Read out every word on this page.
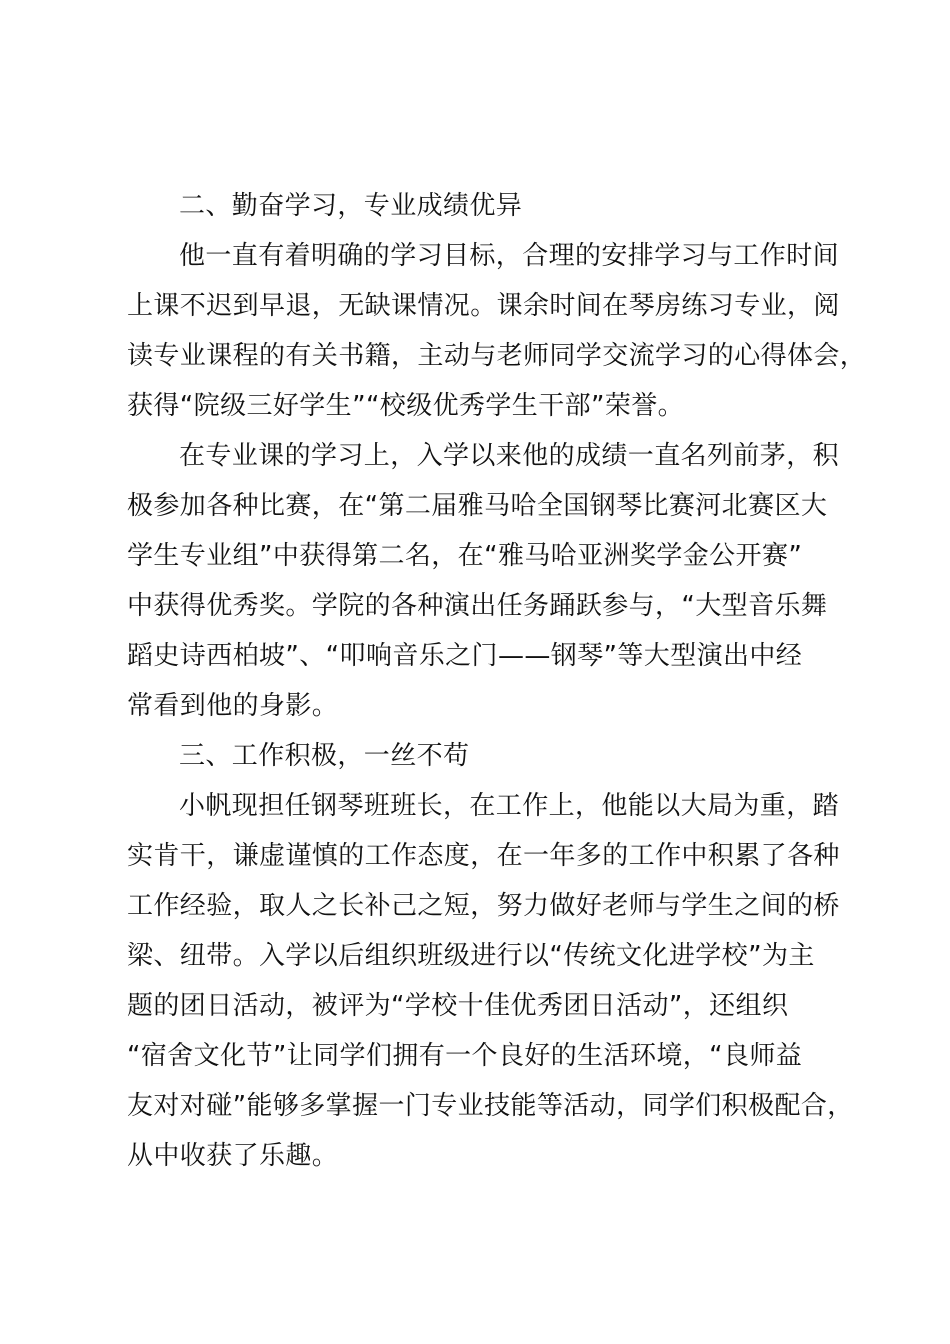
二、勤奋学习，专业成绩优异
他一直有着明确的学习目标，合理的安排学习与工作时间
上课不迟到早退，无缺课情况。课余时间在琴房练习专业，阅
读专业课程的有关书籍，主动与老师同学交流学习的心得体会，
获得“院级三好学生”“校级优秀学生干部”荣誉。
在专业课的学习上，入学以来他的成绩一直名列前茅，积
极参加各种比赛，在“第二届雅马哈全国钢琴比赛河北赛区大
学生专业组”中获得第二名，在“雅马哈亚洲奖学金公开赛”
中获得优秀奖。学院的各种演出任务踊跃参与，“大型音乐舞
蹈史诗西柏坡”、“叩响音乐之门——钢琴”等大型演出中经
常看到他的身影。
三、工作积极，一丝不苟
小帆现担任钢琴班班长，在工作上，他能以大局为重，踏
实肯干，谦虚谨慎的工作态度，在一年多的工作中积累了各种
工作经验，取人之长补己之短，努力做好老师与学生之间的桥
梁、纽带。入学以后组织班级进行以“传统文化进学校”为主
题的团日活动，被评为“学校十佳优秀团日活动”，还组织
“宿舍文化节”让同学们拥有一个良好的生活环境，“良师益
友对对碰”能够多掌握一门专业技能等活动，同学们积极配合，
从中收获了乐趣。
